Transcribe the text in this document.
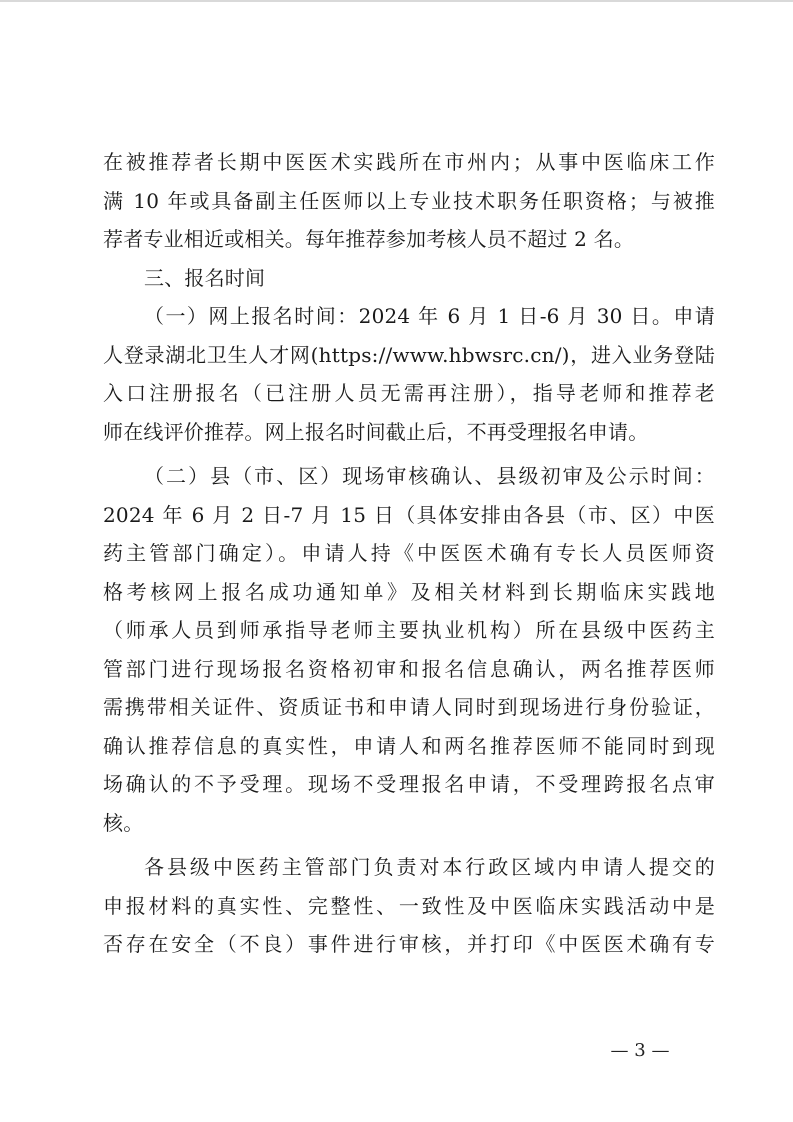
在被推荐者长期中医医术实践所在市州内；从事中医临床工作
满 10 年或具备副主任医师以上专业技术职务任职资格；与被推
荐者专业相近或相关。每年推荐参加考核人员不超过 2 名。
三、报名时间
（一）网上报名时间：2024 年 6 月 1 日-6 月 30 日。申请
人登录湖北卫生人才网(https://www.hbwsrc.cn/)，进入业务登陆
入口注册报名（已注册人员无需再注册），指导老师和推荐老
师在线评价推荐。网上报名时间截止后，不再受理报名申请。
（二）县（市、区）现场审核确认、县级初审及公示时间：
2024 年 6 月 2 日-7 月 15 日（具体安排由各县（市、区）中医
药主管部门确定）。申请人持《中医医术确有专长人员医师资
格考核网上报名成功通知单》及相关材料到长期临床实践地
（师承人员到师承指导老师主要执业机构）所在县级中医药主
管部门进行现场报名资格初审和报名信息确认，两名推荐医师
需携带相关证件、资质证书和申请人同时到现场进行身份验证，
确认推荐信息的真实性，申请人和两名推荐医师不能同时到现
场确认的不予受理。现场不受理报名申请，不受理跨报名点审
核。
各县级中医药主管部门负责对本行政区域内申请人提交的
申报材料的真实性、完整性、一致性及中医临床实践活动中是
否存在安全（不良）事件进行审核，并打印《中医医术确有专
— 3 —
